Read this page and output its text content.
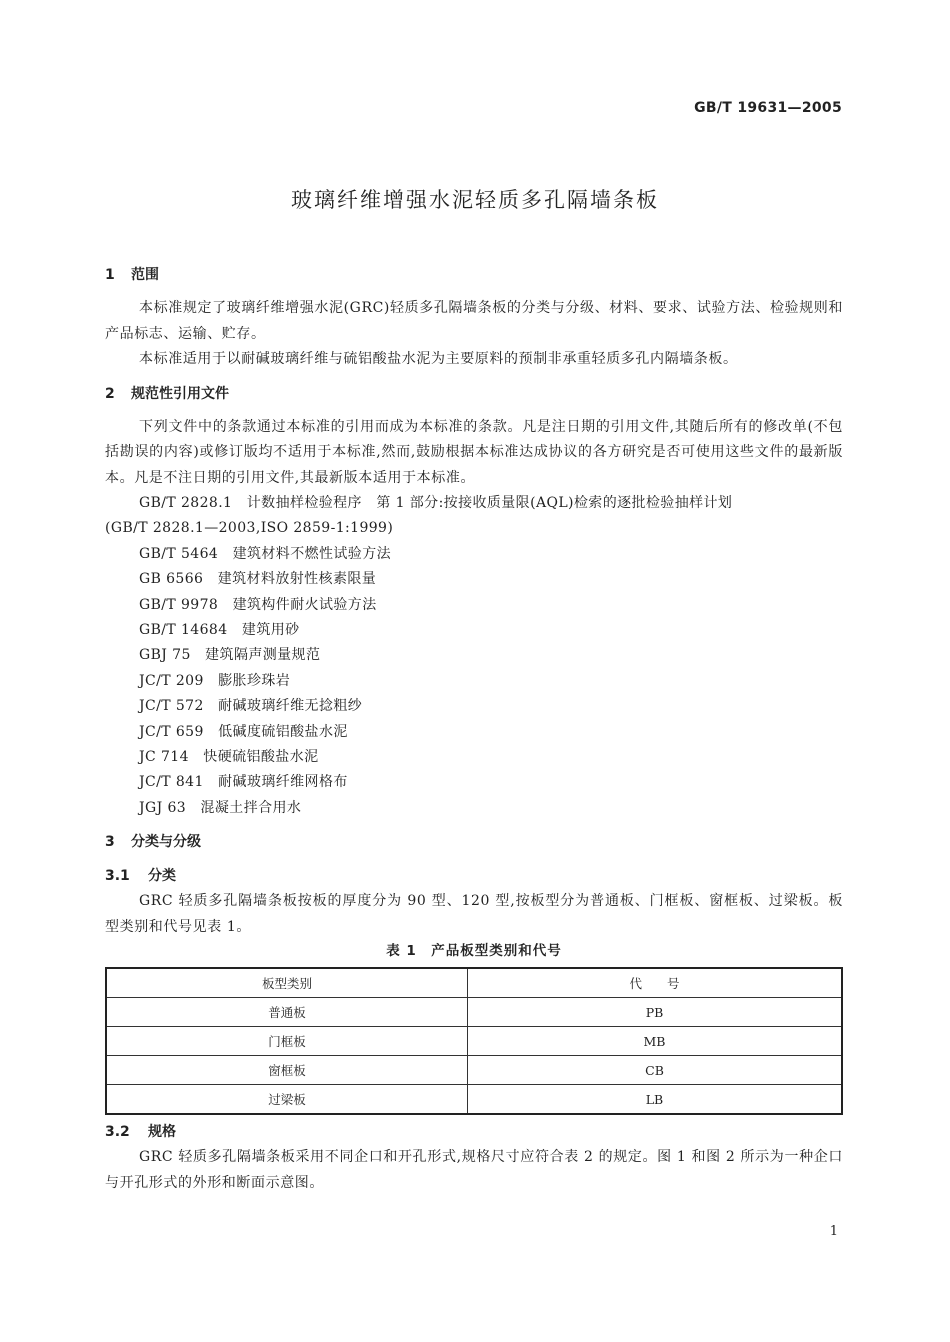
GB/T 19631—2005
玻璃纤维增强水泥轻质多孔隔墙条板

1 范围

本标准规定了玻璃纤维增强水泥(GRC)轻质多孔隔墙条板的分类与分级、材料、要求、试验方法、检验规则和产品标志、运输、贮存。

本标准适用于以耐碱玻璃纤维与硫铝酸盐水泥为主要原料的预制非承重轻质多孔内隔墙条板。

2 规范性引用文件

下列文件中的条款通过本标准的引用而成为本标准的条款。凡是注日期的引用文件,其随后所有的修改单(不包括勘误的内容)或修订版均不适用于本标准,然而,鼓励根据本标准达成协议的各方研究是否可使用这些文件的最新版本。凡是不注日期的引用文件,其最新版本适用于本标准。

GB/T 2828.1　计数抽样检验程序　第 1 部分:按接收质量限(AQL)检索的逐批检验抽样计划

(GB/T 2828.1—2003,ISO 2859-1:1999)

GB/T 5464　建筑材料不燃性试验方法

GB 6566　建筑材料放射性核素限量

GB/T 9978　建筑构件耐火试验方法

GB/T 14684　建筑用砂

GBJ 75　建筑隔声测量规范

JC/T 209　膨胀珍珠岩

JC/T 572　耐碱玻璃纤维无捻粗纱

JC/T 659　低碱度硫铝酸盐水泥

JC 714　快硬硫铝酸盐水泥

JC/T 841　耐碱玻璃纤维网格布

JGJ 63　混凝土拌合用水

3 分类与分级

3.1 分类

GRC 轻质多孔隔墙条板按板的厚度分为 90 型、120 型,按板型分为普通板、门框板、窗框板、过梁板。板型类别和代号见表 1。

表 1　产品板型类别和代号

板型类别	代　　号
普通板	PB
门框板	MB
窗框板	CB
过梁板	LB

3.2 规格

GRC 轻质多孔隔墙条板采用不同企口和开孔形式,规格尺寸应符合表 2 的规定。图 1 和图 2 所示为一种企口与开孔形式的外形和断面示意图。

1
